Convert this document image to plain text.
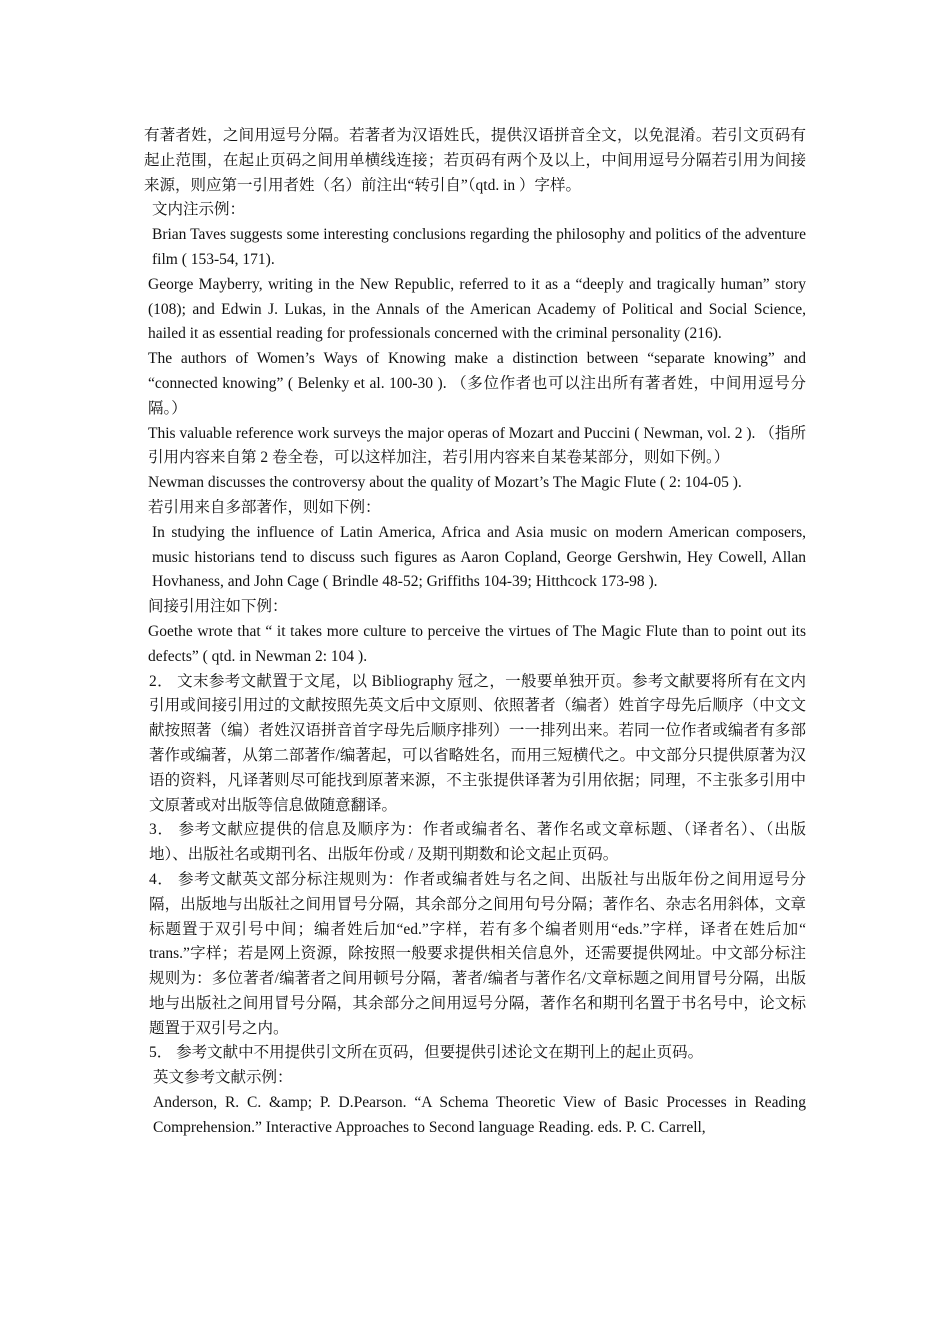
有著者姓，之间用逗号分隔。若著者为汉语姓氏，提供汉语拼音全文，以免混淆。若引文页码有起止范围，在起止页码之间用单横线连接；若页码有两个及以上，中间用逗号分隔若引用为间接来源，则应第一引用者姓（名）前注出“转引自”（qtd. in ）字样。

文内注示例：

Brian Taves suggests some interesting conclusions regarding the philosophy and politics of the adventure film ( 153-54, 171).

George Mayberry, writing in the New Republic, referred to it as a “deeply and tragically human” story (108); and Edwin J. Lukas, in the Annals of the American Academy of Political and Social Science, hailed it as essential reading for professionals concerned with the criminal personality (216).

The authors of Women’s Ways of Knowing make a distinction between “separate knowing” and “connected knowing” ( Belenky et al. 100-30 ). （多位作者也可以注出所有著者姓，中间用逗号分隔。）

This valuable reference work surveys the major operas of Mozart and Puccini ( Newman, vol. 2 ). （指所引用内容来自第 2 卷全卷，可以这样加注，若引用内容来自某卷某部分，则如下例。）

Newman discusses the controversy about the quality of Mozart’s The Magic Flute ( 2: 104-05 ).

若引用来自多部著作，则如下例：

In studying the influence of Latin America, Africa and Asia music on modern American composers, music historians tend to discuss such figures as Aaron Copland, George Gershwin, Hey Cowell, Allan Hovhaness, and John Cage ( Brindle 48-52; Griffiths 104-39; Hitthcock 173-98 ).

间接引用注如下例：

Goethe wrote that “ it takes more culture to perceive the virtues of The Magic Flute than to point out its defects” ( qtd. in Newman 2: 104 ).

2． 文末参考文献置于文尾，以 Bibliography 冠之，一般要单独开页。参考文献要将所有在文内引用或间接引用过的文献按照先英文后中文原则、依照著者（编者）姓首字母先后顺序（中文文献按照著（编）者姓汉语拼音首字母先后顺序排列）一一排列出来。若同一位作者或编者有多部著作或编著，从第二部著作/编著起，可以省略姓名，而用三短横代之。中文部分只提供原著为汉语的资料，凡译著则尽可能找到原著来源，不主张提供译著为引用依据；同理，不主张多引用中文原著或对出版等信息做随意翻译。

3． 参考文献应提供的信息及顺序为：作者或编者名、著作名或文章标题、（译者名）、（出版地）、出版社名或期刊名、出版年份或 / 及期刊期数和论文起止页码。

4． 参考文献英文部分标注规则为：作者或编者姓与名之间、出版社与出版年份之间用逗号分隔，出版地与出版社之间用冒号分隔，其余部分之间用句号分隔；著作名、杂志名用斜体，文章标题置于双引号中间；编者姓后加“ed.”字样，若有多个编者则用“eds.”字样，译者在姓后加“ trans.”字样；若是网上资源，除按照一般要求提供相关信息外，还需要提供网址。中文部分标注规则为：多位著者/编著者之间用顿号分隔，著者/编者与著作名/文章标题之间用冒号分隔，出版地与出版社之间用冒号分隔，其余部分之间用逗号分隔，著作名和期刊名置于书名号中，论文标题置于双引号之内。

5． 参考文献中不用提供引文所在页码，但要提供引述论文在期刊上的起止页码。

英文参考文献示例：

Anderson, R. C. &amp; P. D.Pearson. “A Schema Theoretic View of Basic Processes in Reading Comprehension.” Interactive Approaches to Second language Reading. eds. P. C. Carrell,
